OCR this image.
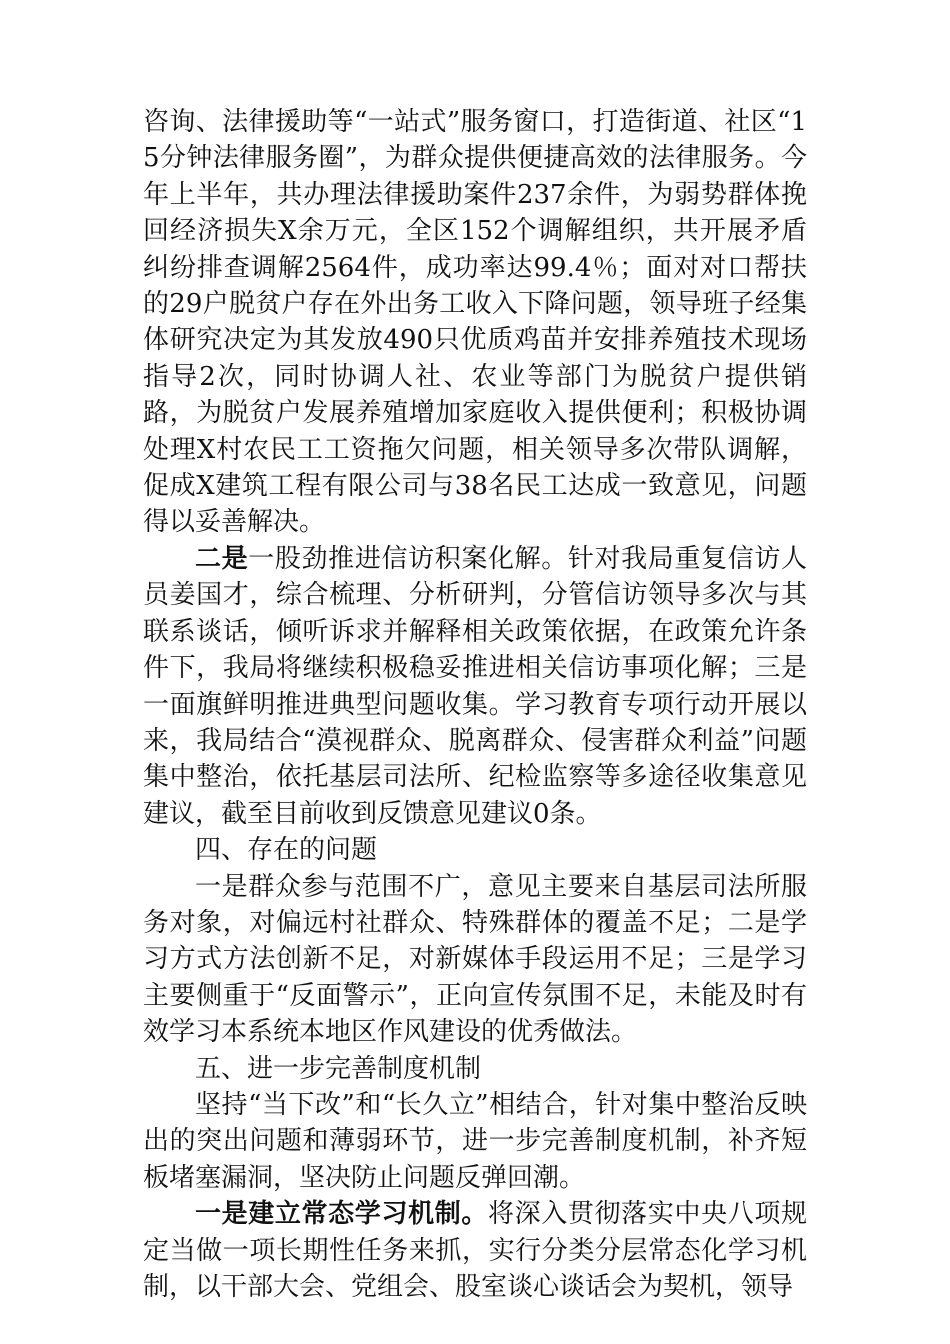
咨询、法律援助等“一站式”服务窗口，打造街道、社区“15分钟法律服务圈”，为群众提供便捷高效的法律服务。今年上半年，共办理法律援助案件237余件，为弱势群体挽回经济损失X余万元，全区152个调解组织，共开展矛盾纠纷排查调解2564件，成功率达99.4％；面对对口帮扶的29户脱贫户存在外出务工收入下降问题，领导班子经集体研究决定为其发放490只优质鸡苗并安排养殖技术现场指导2次，同时协调人社、农业等部门为脱贫户提供销路，为脱贫户发展养殖增加家庭收入提供便利；积极协调处理X村农民工工资拖欠问题，相关领导多次带队调解，促成X建筑工程有限公司与38名民工达成一致意见，问题得以妥善解决。

二是一股劲推进信访积案化解。针对我局重复信访人员姜国才，综合梳理、分析研判，分管信访领导多次与其联系谈话，倾听诉求并解释相关政策依据，在政策允许条件下，我局将继续积极稳妥推进相关信访事项化解；三是一面旗鲜明推进典型问题收集。学习教育专项行动开展以来，我局结合“漠视群众、脱离群众、侵害群众利益”问题集中整治，依托基层司法所、纪检监察等多途径收集意见建议，截至目前收到反馈意见建议0条。

四、存在的问题

一是群众参与范围不广，意见主要来自基层司法所服务对象，对偏远村社群众、特殊群体的覆盖不足；二是学习方式方法创新不足，对新媒体手段运用不足；三是学习主要侧重于“反面警示”，正向宣传氛围不足，未能及时有效学习本系统本地区作风建设的优秀做法。

五、进一步完善制度机制

坚持“当下改”和“长久立”相结合，针对集中整治反映出的突出问题和薄弱环节，进一步完善制度机制，补齐短板堵塞漏洞，坚决防止问题反弹回潮。

一是建立常态学习机制。将深入贯彻落实中央八项规定当做一项长期性任务来抓，实行分类分层常态化学习机制，以干部大会、党组会、股室谈心谈话会为契机，领导
